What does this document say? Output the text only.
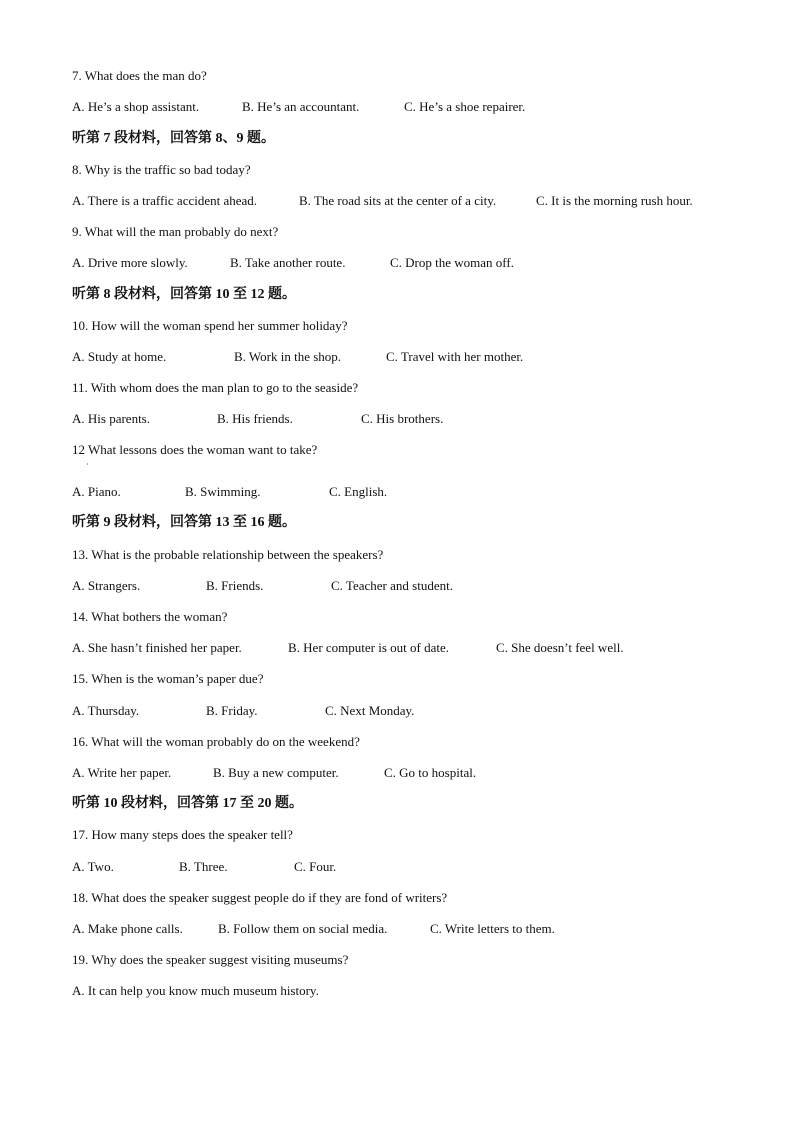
7. What does the man do?
A. He’s a shop assistant.	B. He’s an accountant.	C. He’s a shoe repairer.
听第 7 段材料，回答第 8、9 题。
8. Why is the traffic so bad today?
A. There is a traffic accident ahead.	B. The road sits at the center of a city.	C. It is the morning rush hour.
9. What will the man probably do next?
A. Drive more slowly.	B. Take another route.	C. Drop the woman off.
听第 8 段材料，回答第 10 至 12 题。
10. How will the woman spend her summer holiday?
A. Study at home.	B. Work in the shop.	C. Travel with her mother.
11. With whom does the man plan to go to the seaside?
A. His parents.	B. His friends.	C. His brothers.
12 What lessons does the woman want to take?
·
A. Piano.	B. Swimming.	C. English.
听第 9 段材料，回答第 13 至 16 题。
13. What is the probable relationship between the speakers?
A. Strangers.	B. Friends.	C. Teacher and student.
14. What bothers the woman?
A. She hasn’t finished her paper.	B. Her computer is out of date.	C. She doesn’t feel well.
15. When is the woman’s paper due?
A. Thursday.	B. Friday.	C. Next Monday.
16. What will the woman probably do on the weekend?
A. Write her paper.	B. Buy a new computer.	C. Go to hospital.
听第 10 段材料，回答第 17 至 20 题。
17. How many steps does the speaker tell?
A. Two.	B. Three.	C. Four.
18. What does the speaker suggest people do if they are fond of writers?
A. Make phone calls.	B. Follow them on social media.	C. Write letters to them.
19. Why does the speaker suggest visiting museums?
A. It can help you know much museum history.
